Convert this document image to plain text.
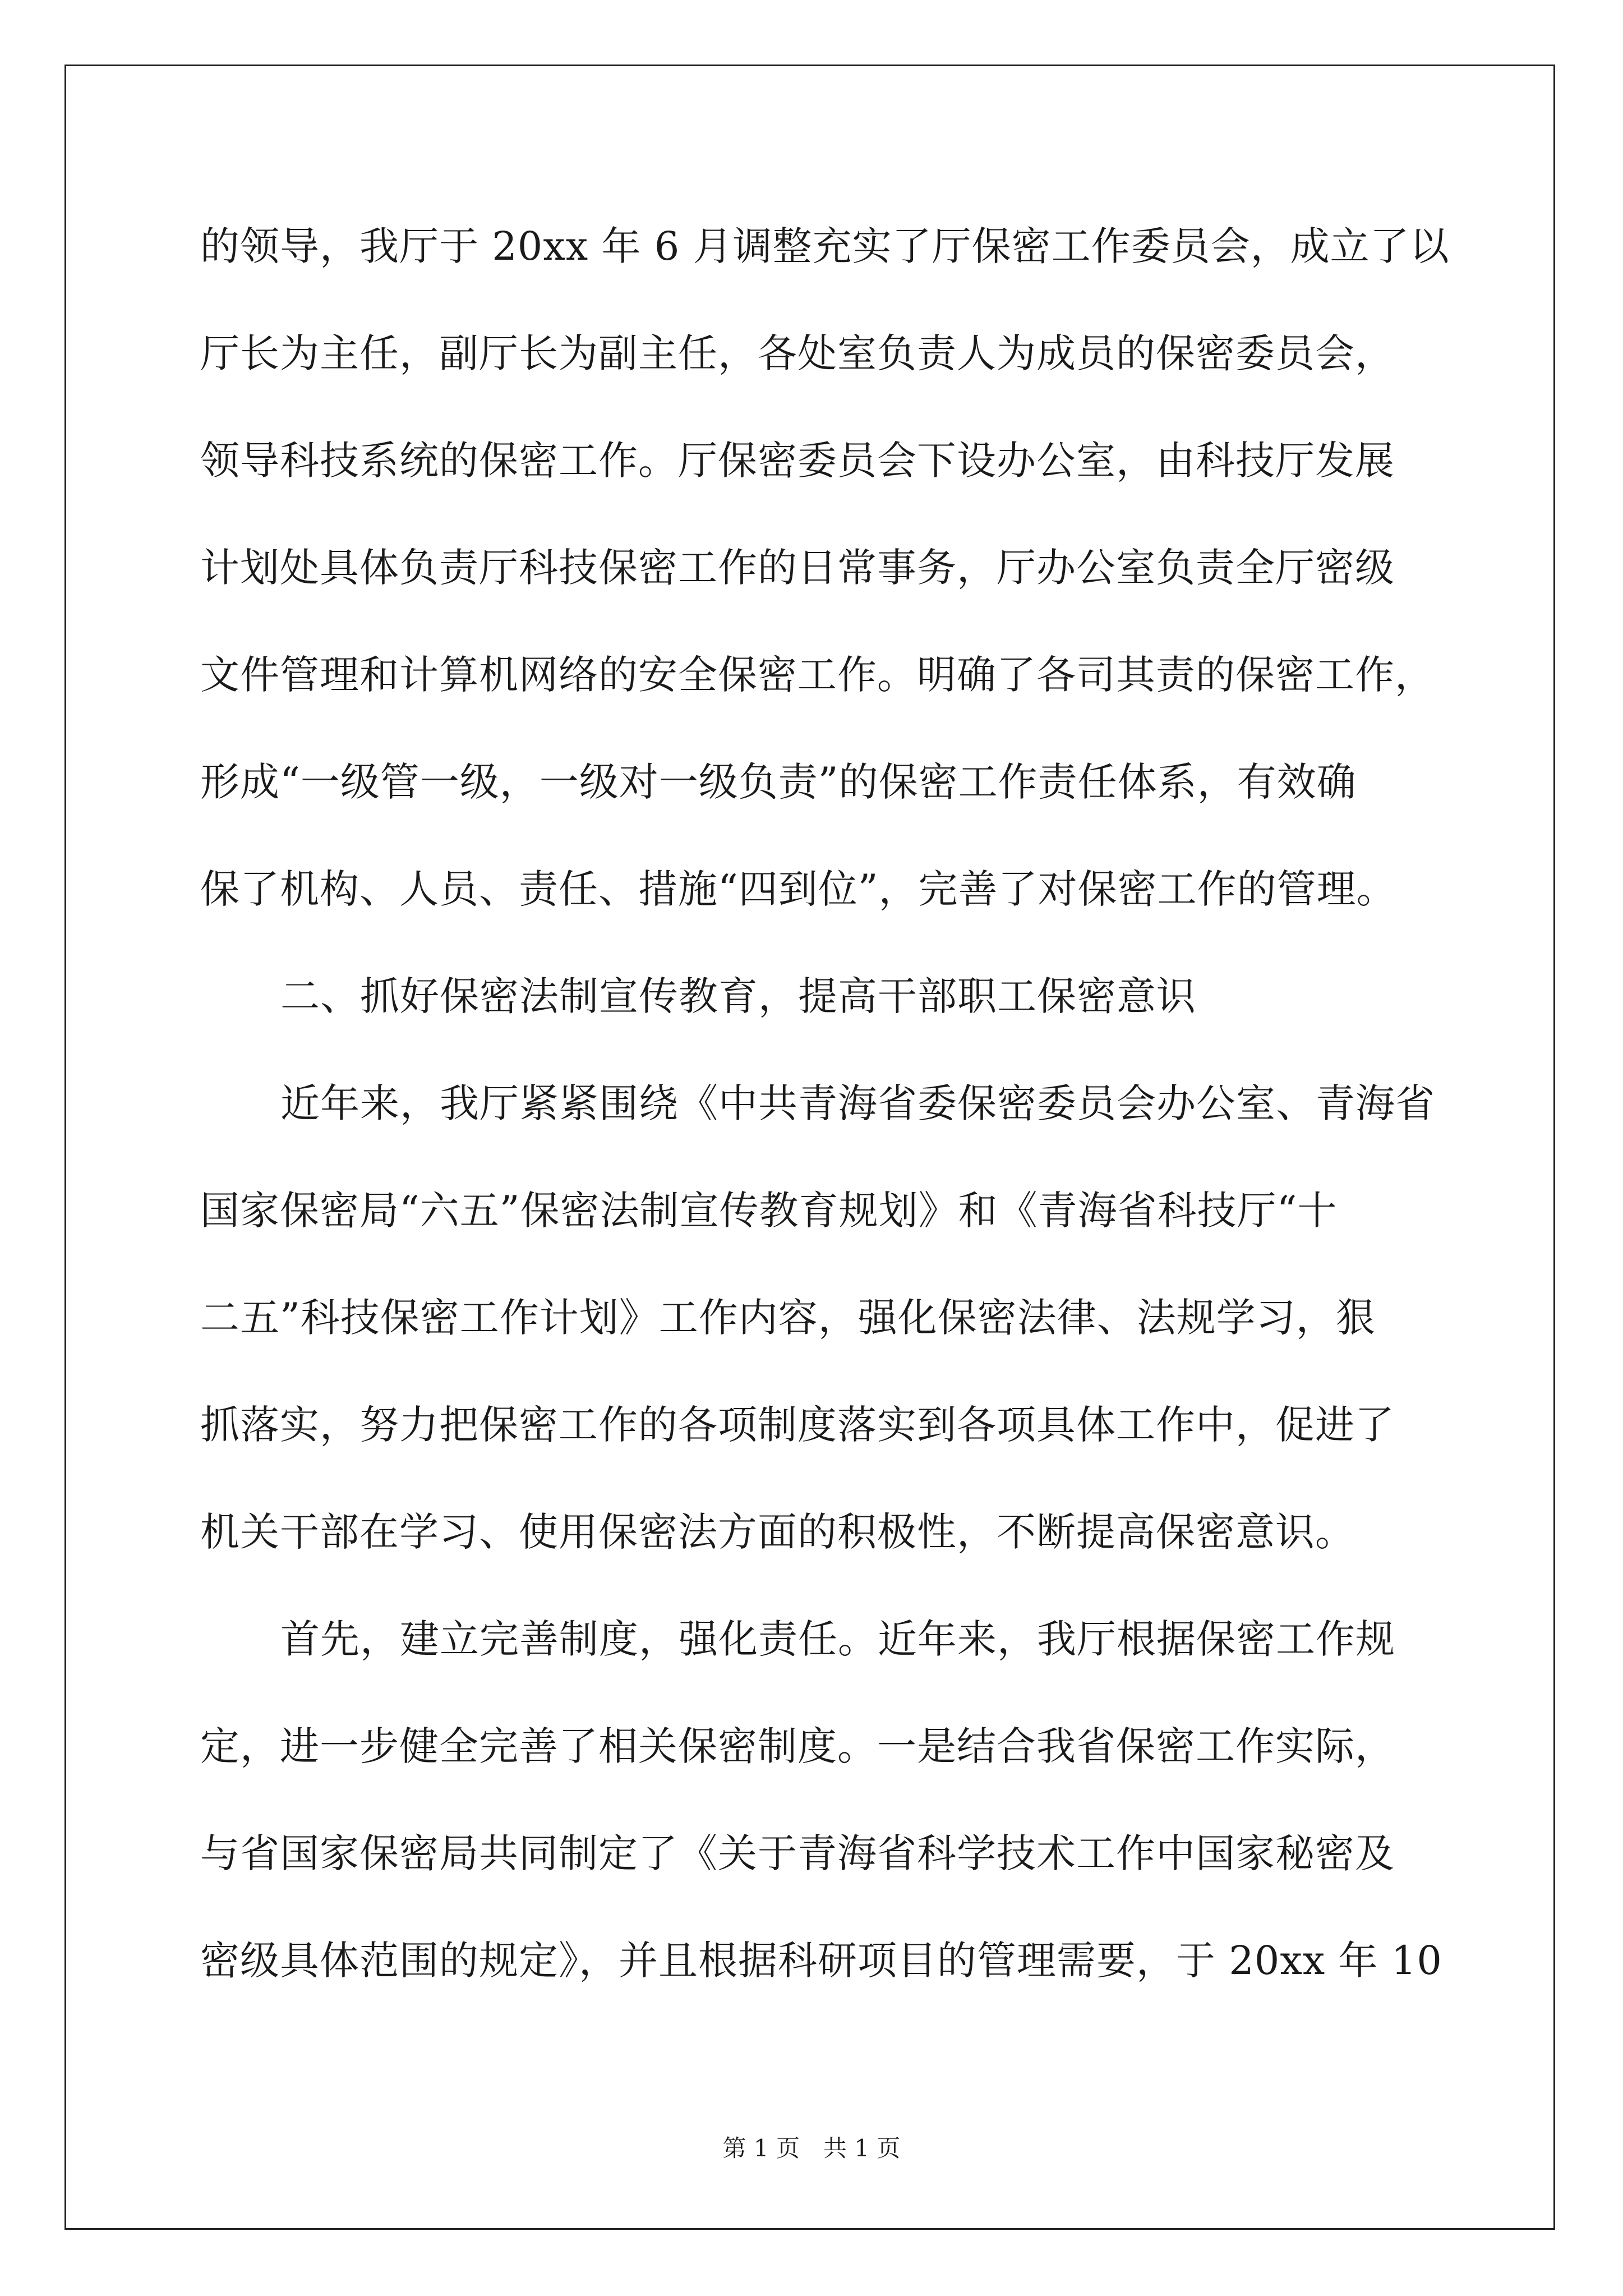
的领导，我厅于 20xx 年 6 月调整充实了厅保密工作委员会，成立了以
厅长为主任，副厅长为副主任，各处室负责人为成员的保密委员会，
领导科技系统的保密工作。厅保密委员会下设办公室，由科技厅发展
计划处具体负责厅科技保密工作的日常事务，厅办公室负责全厅密级
文件管理和计算机网络的安全保密工作。明确了各司其责的保密工作，
形成“一级管一级，一级对一级负责”的保密工作责任体系，有效确
保了机构、人员、责任、措施“四到位”，完善了对保密工作的管理。
二、抓好保密法制宣传教育，提高干部职工保密意识
近年来，我厅紧紧围绕《中共青海省委保密委员会办公室、青海省
国家保密局“六五”保密法制宣传教育规划》和《青海省科技厅“十
二五”科技保密工作计划》工作内容，强化保密法律、法规学习，狠
抓落实，努力把保密工作的各项制度落实到各项具体工作中，促进了
机关干部在学习、使用保密法方面的积极性，不断提高保密意识。
首先，建立完善制度，强化责任。近年来，我厅根据保密工作规
定，进一步健全完善了相关保密制度。一是结合我省保密工作实际，
与省国家保密局共同制定了《关于青海省科学技术工作中国家秘密及
密级具体范围的规定》，并且根据科研项目的管理需要，于 20xx 年 10
第 1 页　共 1 页
